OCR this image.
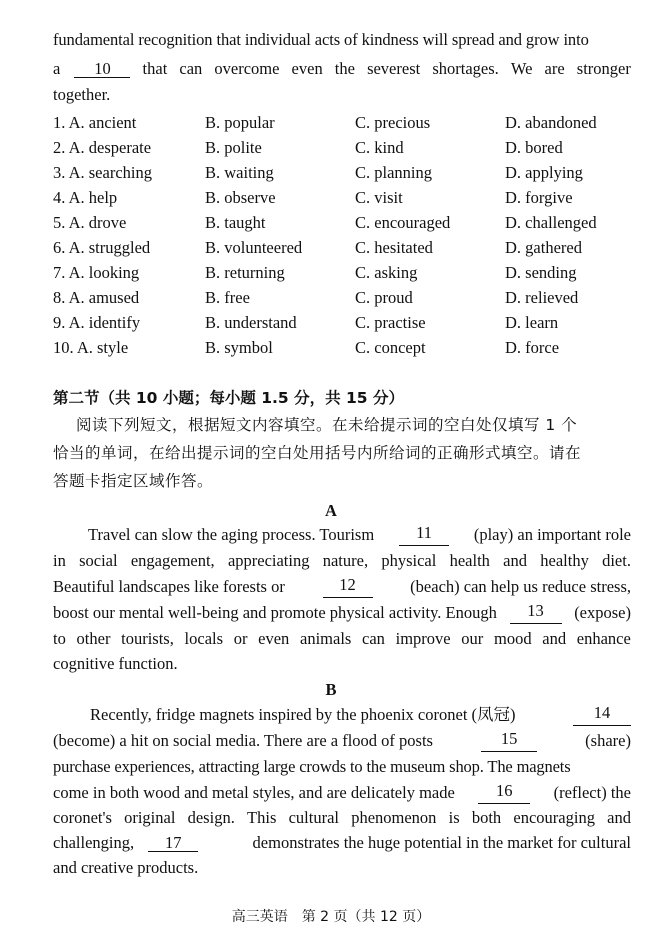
fundamental recognition that individual acts of kindness will spread and grow into
a 10	that can overcome even the severest shortages. We are stronger
together.
1. A. ancient	B. popular	C. precious	D. abandoned
2. A. desperate	B. polite	C. kind	D. bored
3. A. searching	B. waiting	C. planning	D. applying
4. A. help	B. observe	C. visit	D. forgive
5. A. drove	B. taught	C. encouraged	D. challenged
6. A. struggled	B. volunteered	C. hesitated	D. gathered
7. A. looking	B. returning	C. asking	D. sending
8. A. amused	B. free	C. proud	D. relieved
9. A. identify	B. understand	C. practise	D. learn
10. A. style	B. symbol	C. concept	D. force
第二节（共 10 小题；每小题 1.5 分，共 15 分）
阅读下列短文，根据短文内容填空。在未给提示词的空白处仅填写 1 个
恰当的单词，在给出提示词的空白处用括号内所给词的正确形式填空。请在
答题卡指定区域作答。
A
Travel can slow the aging process. Tourism	11	(play) an important role
in social engagement, appreciating nature, physical health and healthy diet.
Beautiful landscapes like forests or	12	(beach) can help us reduce stress,
boost our mental well-being and promote physical activity. Enough	13	(expose)
to other tourists, locals or even animals can improve our mood and enhance
cognitive function.
B
Recently, fridge magnets inspired by the phoenix coronet (凤冠)	14
(become) a hit on social media. There are a flood of posts	15	(share)
purchase experiences, attracting large crowds to the museum shop. The magnets
come in both wood and metal styles, and are delicately made	16	(reflect) the
coronet's original design. This cultural phenomenon is both encouraging and
challenging, 17	demonstrates the huge potential in the market for cultural
and creative products.
高三英语　第 2 页（共 12 页）
